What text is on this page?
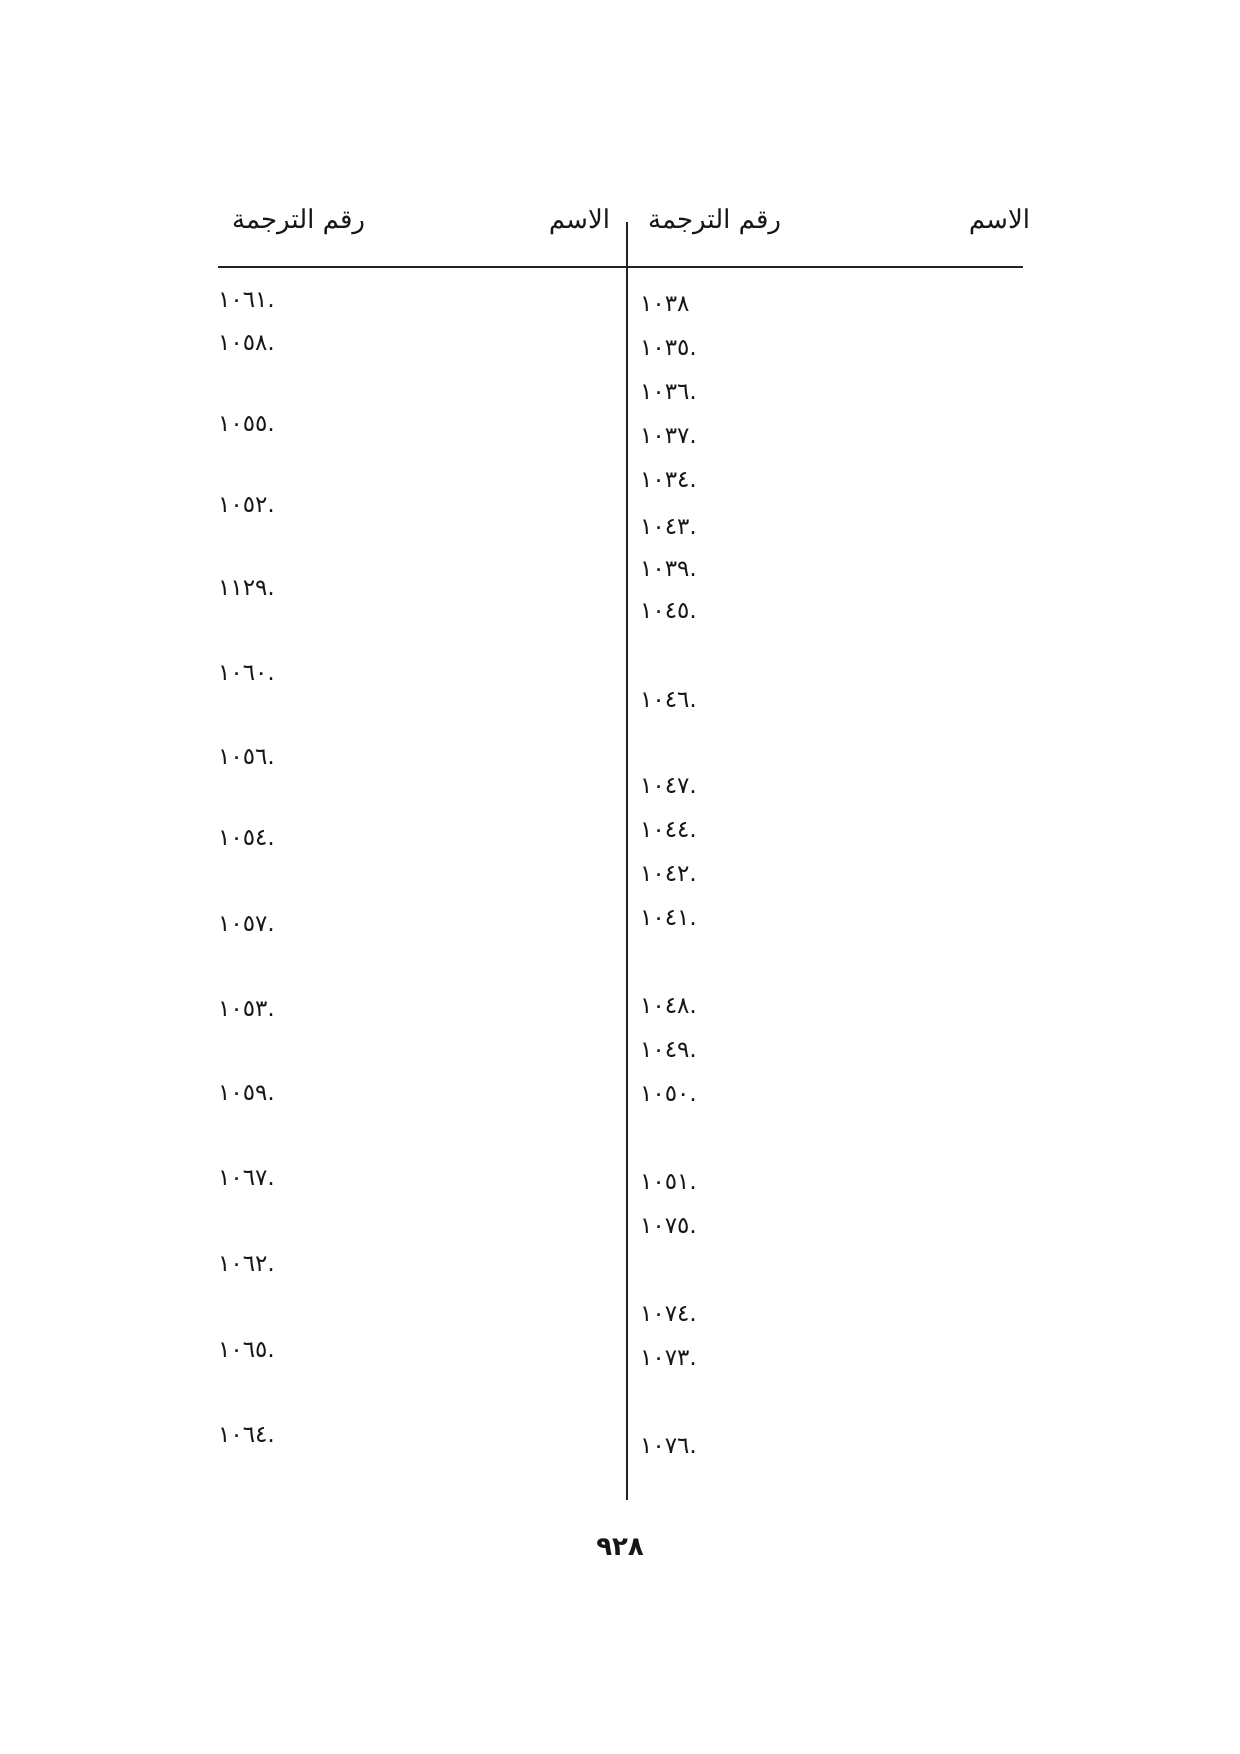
الاسم
رقم الترجمة
الاسم
رقم الترجمة
١٠٣٨
١٠٣٥.
١٠٣٦.
١٠٣٧.
١٠٣٤.
١٠٤٣.
١٠٣٩.
١٠٤٥.
١٠٤٦.
١٠٤٧.
١٠٤٤.
١٠٤٢.
١٠٤١.
١٠٤٨.
١٠٤٩.
١٠٥٠.
١٠٥١.
١٠٧٥.
١٠٧٤.
١٠٧٣.
١٠٧٦.
١٠٦١.
١٠٥٨.
١٠٥٥.
١٠٥٢.
١١٢٩.
١٠٦٠.
١٠٥٦.
١٠٥٤.
١٠٥٧.
١٠٥٣.
١٠٥٩.
١٠٦٧.
١٠٦٢.
١٠٦٥.
١٠٦٤.
٩٢٨
